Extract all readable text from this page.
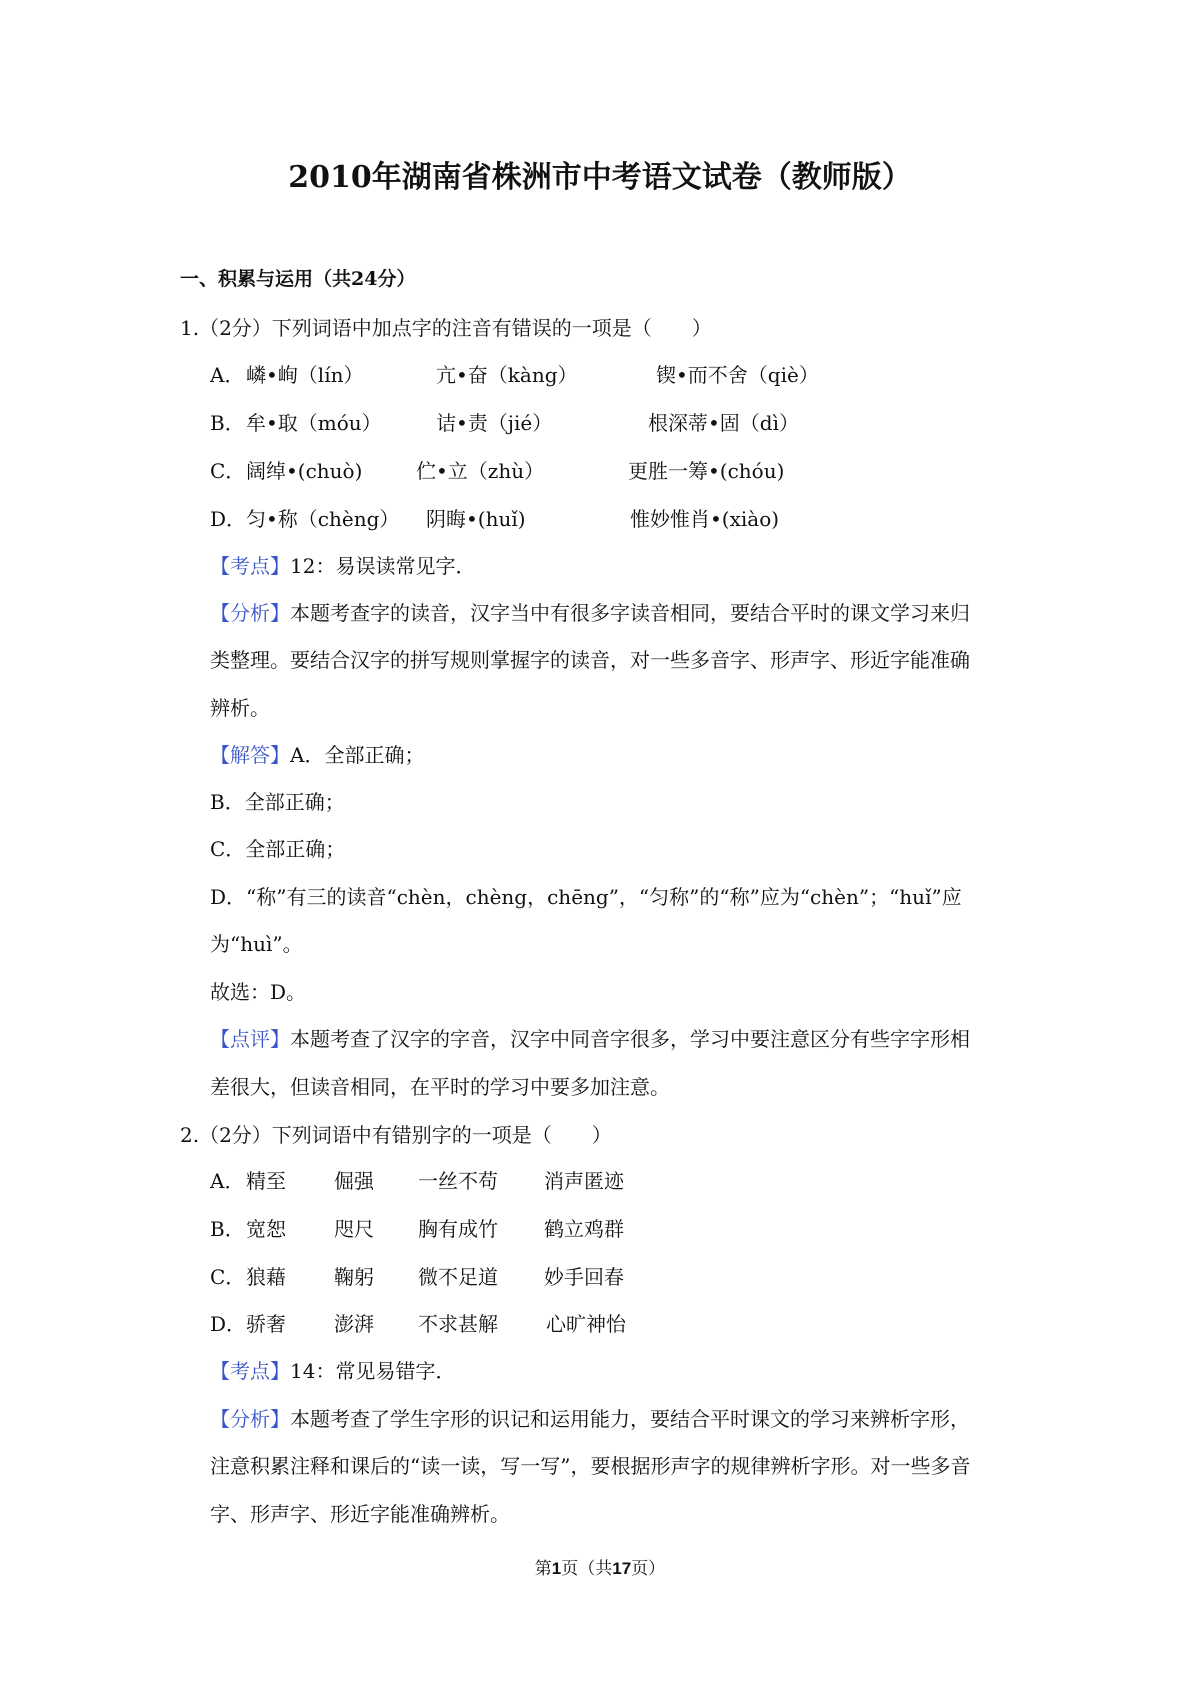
2010年湖南省株洲市中考语文试卷（教师版）
一、积累与运用（共24分）
1.（2分）下列词语中加点字的注音有错误的一项是（　　）
A． 嶙•峋（lín）	亢•奋（kàng）	锲•而不舍（qiè）
B． 牟•取（móu）	诘•责（jié）	根深蒂•固（dì）
C． 阔绰•(chuò)	伫•立（zhù）	更胜一筹•(chóu)
D． 匀•称（chèng） 阴晦•(huǐ)	惟妙惟肖•(xiào)
【考点】12：易误读常见字．
【分析】本题考查字的读音，汉字当中有很多字读音相同，要结合平时的课文学习来归
类整理。要结合汉字的拼写规则掌握字的读音，对一些多音字、形声字、形近字能准确
辨析。
【解答】A．全部正确；
B．全部正确；
C．全部正确；
D．“称”有三的读音“chèn，chèng，chēng”，“匀称”的“称”应为“chèn”；“huǐ”应
为“huì”。
故选：D。
【点评】本题考查了汉字的字音，汉字中同音字很多，学习中要注意区分有些字字形相
差很大，但读音相同，在平时的学习中要多加注意。
2.（2分）下列词语中有错别字的一项是（　　）
A． 精至 倔强 一丝不苟 消声匿迹
B． 宽恕 咫尺 胸有成竹 鹤立鸡群
C． 狼藉 鞠躬 微不足道 妙手回春
D． 骄奢 澎湃 不求甚解 心旷神怡
【考点】14：常见易错字．
【分析】本题考查了学生字形的识记和运用能力，要结合平时课文的学习来辨析字形，
注意积累注释和课后的“读一读，写一写”，要根据形声字的规律辨析字形。对一些多音
字、形声字、形近字能准确辨析。
第1页（共17页）
